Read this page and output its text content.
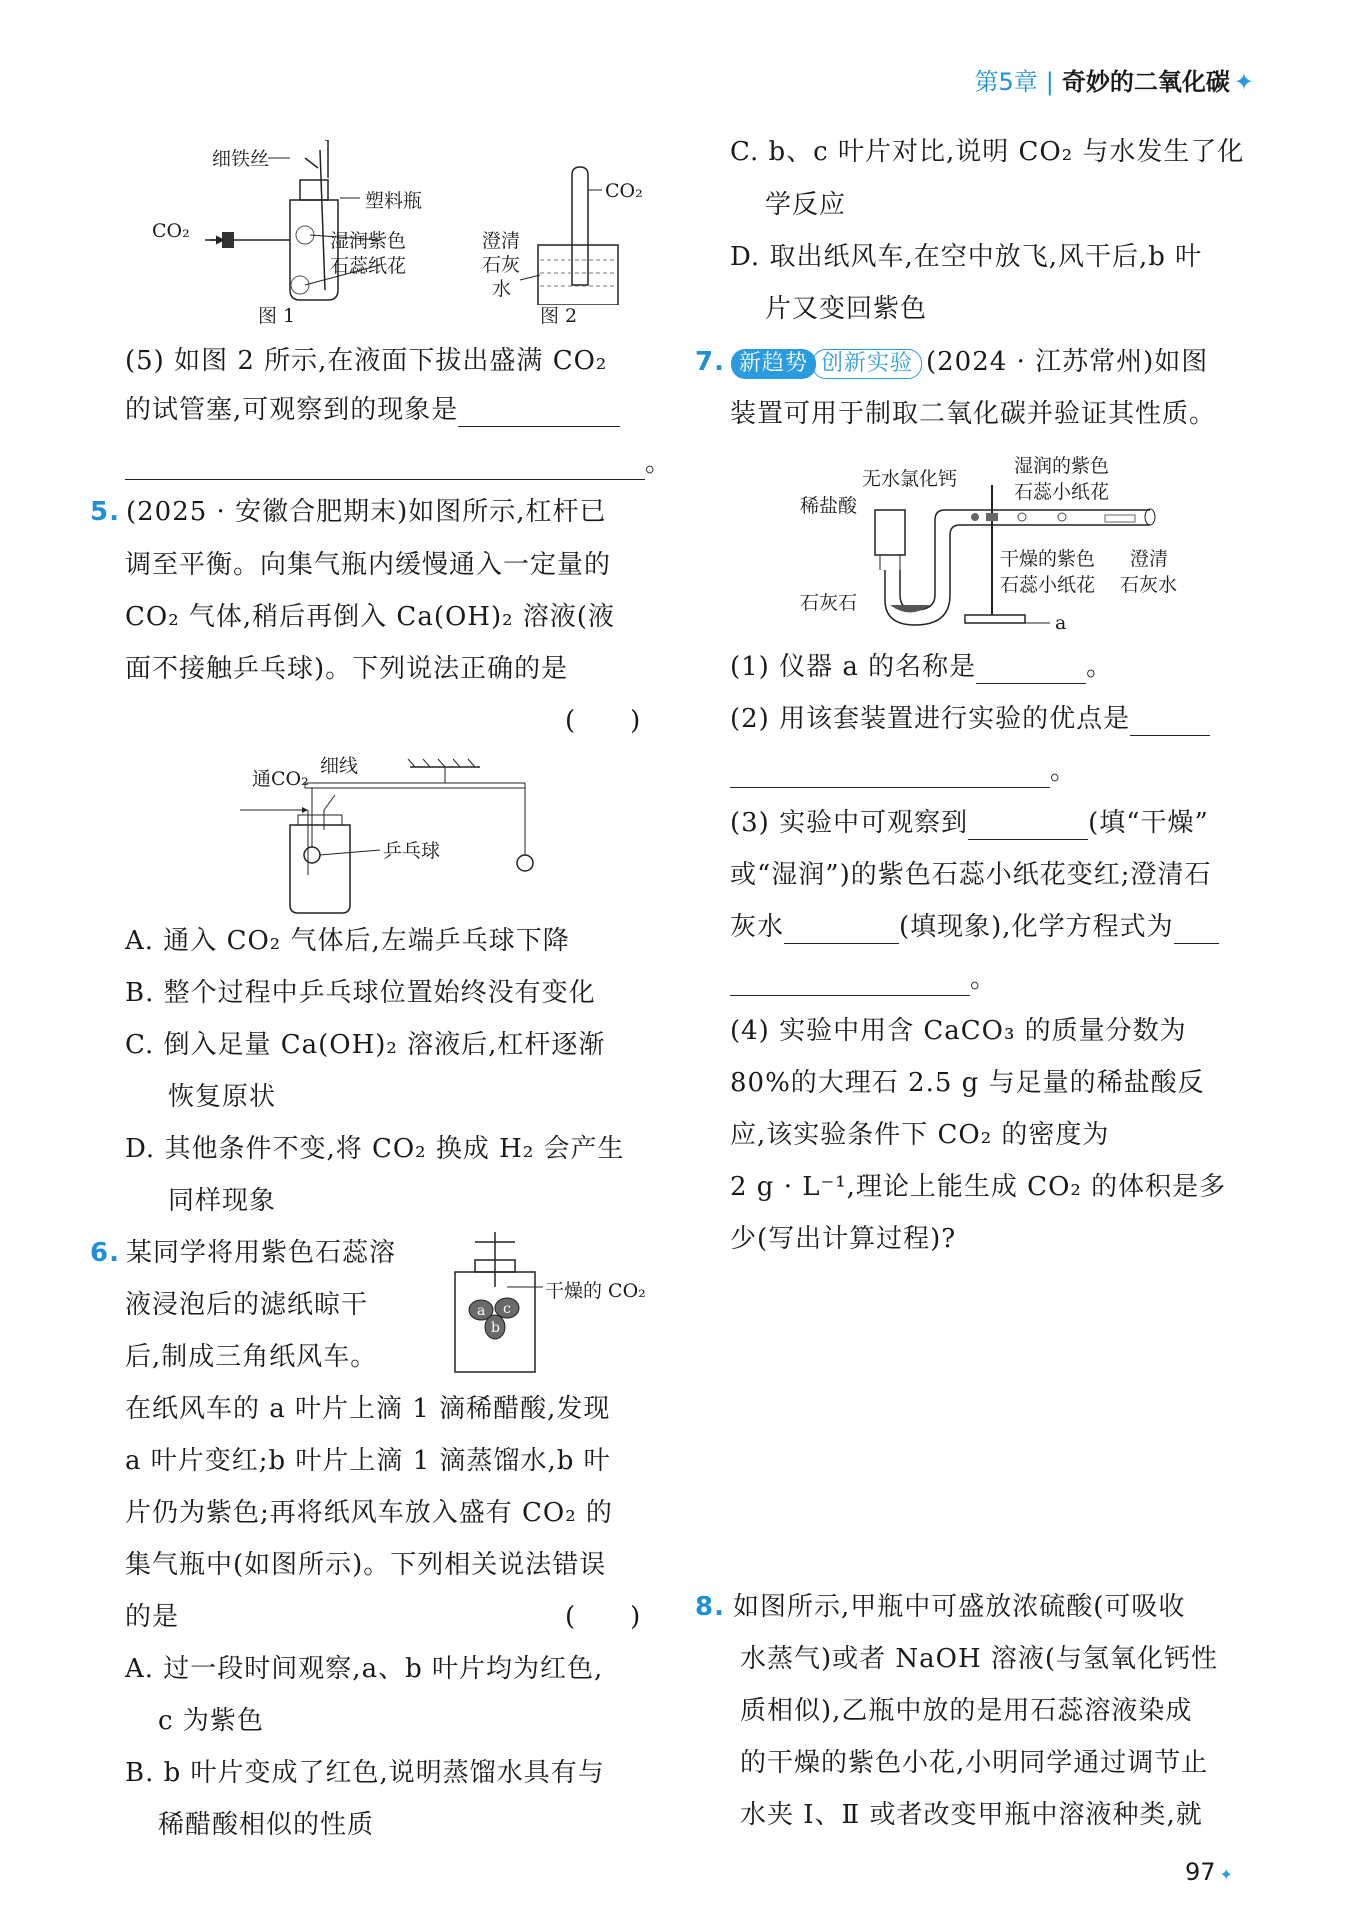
第5章 | 奇妙的二氧化碳 ✦
细铁丝
塑料瓶
CO₂	湿润紫色
石蕊纸花
图 1
CO₂
澄清
石灰
水
图 2
(5) 如图 2 所示,在液面下拔出盛满 CO₂
的试管塞,可观察到的现象是
。
5. (2025 · 安徽合肥期末)如图所示,杠杆已
调至平衡。向集气瓶内缓慢通入一定量的
CO₂ 气体,稍后再倒入 Ca(OH)₂ 溶液(液
面不接触乒乓球)。下列说法正确的是
(　　)
通CO₂
细线
乒乓球
A. 通入 CO₂ 气体后,左端乒乓球下降
B. 整个过程中乒乓球位置始终没有变化
C. 倒入足量 Ca(OH)₂ 溶液后,杠杆逐渐
恢复原状
D. 其他条件不变,将 CO₂ 换成 H₂ 会产生
同样现象
6. 某同学将用紫色石蕊溶
液浸泡后的滤纸晾干
后,制成三角纸风车。
a c
b
干燥的 CO₂
在纸风车的 a 叶片上滴 1 滴稀醋酸,发现
a 叶片变红;b 叶片上滴 1 滴蒸馏水,b 叶
片仍为紫色;再将纸风车放入盛有 CO₂ 的
集气瓶中(如图所示)。下列相关说法错误
的是	(　　)
A. 过一段时间观察,a、b 叶片均为红色,
c 为紫色
B. b 叶片变成了红色,说明蒸馏水具有与
稀醋酸相似的性质
C. b、c 叶片对比,说明 CO₂ 与水发生了化
学反应
D. 取出纸风车,在空中放飞,风干后,b 叶
片又变回紫色
7. 新趋势 创新实验 (2024 · 江苏常州)如图
装置可用于制取二氧化碳并验证其性质。
无水氯化钙
湿润的紫色
石蕊小纸花
稀盐酸
干燥的紫色
石蕊小纸花
澄清
石灰水
石灰石
a
(1) 仪器 a 的名称是	。
(2) 用该套装置进行实验的优点是
。
(3) 实验中可观察到	(填“干燥”
或“湿润”)的紫色石蕊小纸花变红;澄清石
灰水	(填现象),化学方程式为
。
(4) 实验中用含 CaCO₃ 的质量分数为
80%的大理石 2.5 g 与足量的稀盐酸反
应,该实验条件下 CO₂ 的密度为
2 g · L⁻¹,理论上能生成 CO₂ 的体积是多
少(写出计算过程)?
8. 如图所示,甲瓶中可盛放浓硫酸(可吸收
水蒸气)或者 NaOH 溶液(与氢氧化钙性
质相似),乙瓶中放的是用石蕊溶液染成
的干燥的紫色小花,小明同学通过调节止
水夹 Ⅰ、Ⅱ 或者改变甲瓶中溶液种类,就
97 ✦
